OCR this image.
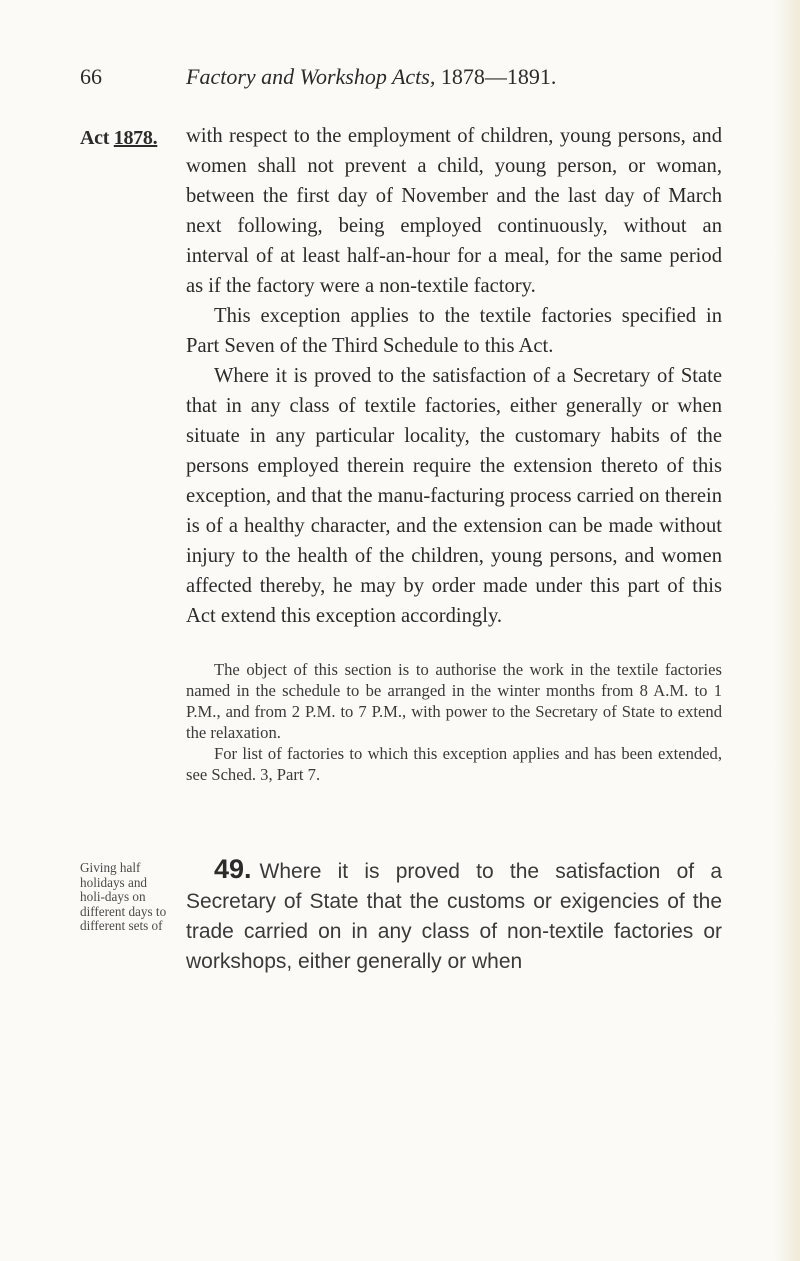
66	Factory and Workshop Acts, 1878—1891.
Act 1878. with respect to the employment of children, young persons, and women shall not prevent a child, young person, or woman, between the first day of November and the last day of March next following, being employed continuously, without an interval of at least half-an-hour for a meal, for the same period as if the factory were a non-textile factory.

This exception applies to the textile factories specified in Part Seven of the Third Schedule to this Act.

Where it is proved to the satisfaction of a Secretary of State that in any class of textile factories, either generally or when situate in any particular locality, the customary habits of the persons employed therein require the extension thereto of this exception, and that the manu-facturing process carried on therein is of a healthy character, and the extension can be made without injury to the health of the children, young persons, and women affected thereby, he may by order made under this part of this Act extend this exception accordingly.

The object of this section is to authorise the work in the textile factories named in the schedule to be arranged in the winter months from 8 A.M. to 1 P.M., and from 2 P.M. to 7 P.M., with power to the Secretary of State to extend the relaxation.

For list of factories to which this exception applies and has been extended, see Sched. 3, Part 7.

Giving half holidays and holi-days on different days to different sets of

49. Where it is proved to the satisfaction of a Secretary of State that the customs or exigencies of the trade carried on in any class of non-textile factories or workshops, either generally or when
